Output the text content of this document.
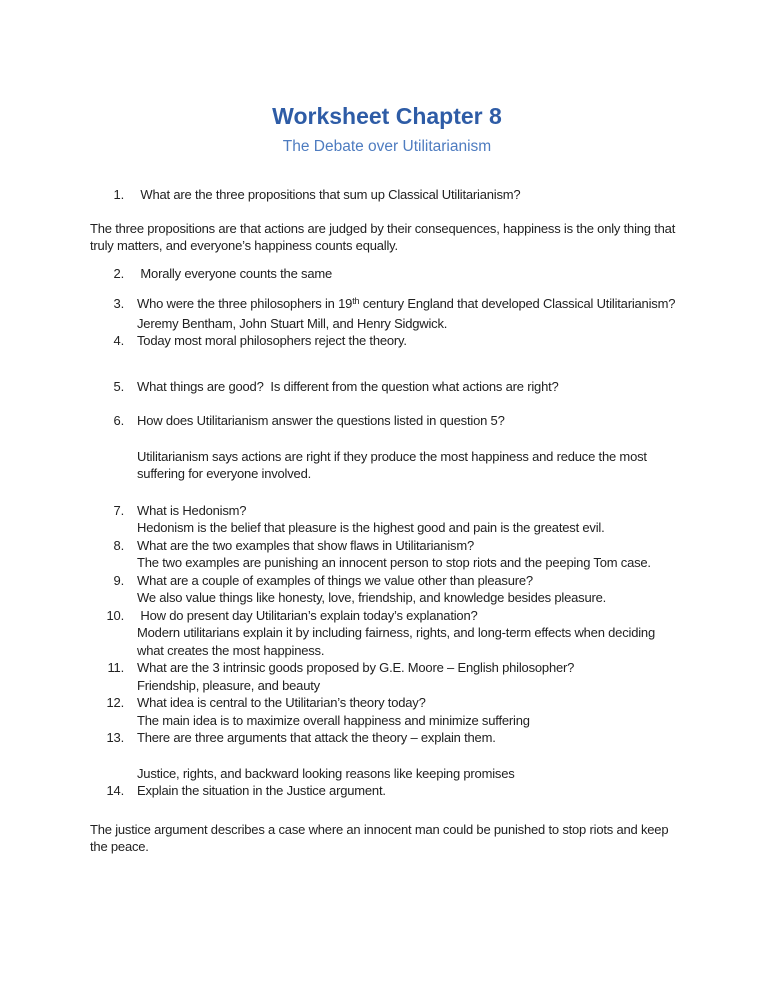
Worksheet Chapter 8
The Debate over Utilitarianism
1. What are the three propositions that sum up Classical Utilitarianism?

The three propositions are that actions are judged by their consequences, happiness is the only thing that truly matters, and everyone’s happiness counts equally.

2. Morally everyone counts the same
3. Who were the three philosophers in 19th century England that developed Classical Utilitarianism?
Jeremy Bentham, John Stuart Mill, and Henry Sidgwick.
4. Today most moral philosophers reject the theory.
5. What things are good?  Is different from the question what actions are right?
6. How does Utilitarianism answer the questions listed in question 5?
Utilitarianism says actions are right if they produce the most happiness and reduce the most suffering for everyone involved.
7. What is Hedonism?
Hedonism is the belief that pleasure is the highest good and pain is the greatest evil.
8. What are the two examples that show flaws in Utilitarianism?
The two examples are punishing an innocent person to stop riots and the peeping Tom case.
9. What are a couple of examples of things we value other than pleasure?
We also value things like honesty, love, friendship, and knowledge besides pleasure.
10. How do present day Utilitarian’s explain today’s explanation?
Modern utilitarians explain it by including fairness, rights, and long-term effects when deciding what creates the most happiness.
11. What are the 3 intrinsic goods proposed by G.E. Moore – English philosopher?
Friendship, pleasure, and beauty
12. What idea is central to the Utilitarian’s theory today?
The main idea is to maximize overall happiness and minimize suffering
13. There are three arguments that attack the theory – explain them.
Justice, rights, and backward looking reasons like keeping promises
14. Explain the situation in the Justice argument.

The justice argument describes a case where an innocent man could be punished to stop riots and keep the peace.
